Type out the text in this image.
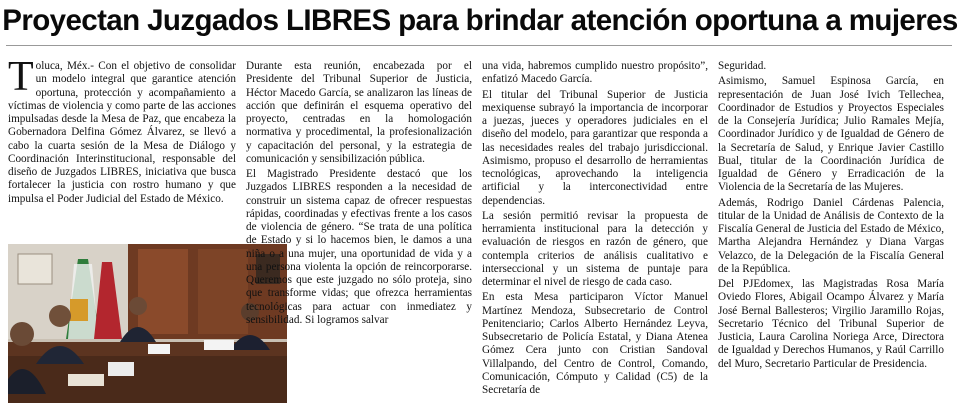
Proyectan Juzgados LIBRES para brindar atención oportuna a mujeres

Toluca, Méx.- Con el objetivo de consolidar un modelo integral que garantice atención oportuna, protección y acompañamiento a víctimas de violencia y como parte de las acciones impulsadas desde la Mesa de Paz, que encabeza la Gobernadora Delfina Gómez Álvarez, se llevó a cabo la cuarta sesión de la Mesa de Diálogo y Coordinación Interinstitucional, responsable del diseño de Juzgados LIBRES, iniciativa que busca fortalecer la justicia con rostro humano y que impulsa el Poder Judicial del Estado de México.

Durante esta reunión, encabezada por el Presidente del Tribunal Superior de Justicia, Héctor Macedo García, se analizaron las líneas de acción que definirán el esquema operativo del proyecto, centradas en la homologación normativa y procedimental, la profesionalización y capacitación del personal, y la estrategia de comunicación y sensibilización pública.

El Magistrado Presidente destacó que los Juzgados LIBRES responden a la necesidad de construir un sistema capaz de ofrecer respuestas rápidas, coordinadas y efectivas frente a los casos de violencia de género. “Se trata de una política de Estado y si lo hacemos bien, le damos a una niña o a una mujer, una oportunidad de vida y a una persona violenta la opción de reincorporarse. Queremos que este juzgado no sólo proteja, sino que transforme vidas; que ofrezca herramientas tecnológicas para actuar con inmediatez y sensibilidad. Si logramos salvar

una vida, habremos cumplido nuestro propósito”, enfatizó Macedo García.

El titular del Tribunal Superior de Justicia mexiquense subrayó la importancia de incorporar a juezas, jueces y operadores judiciales en el diseño del modelo, para garantizar que responda a las necesidades reales del trabajo jurisdiccional. Asimismo, propuso el desarrollo de herramientas tecnológicas, aprovechando la inteligencia artificial y la interconectividad entre dependencias.

La sesión permitió revisar la propuesta de herramienta institucional para la detección y evaluación de riesgos en razón de género, que contempla criterios de análisis cualitativo e interseccional y un sistema de puntaje para determinar el nivel de riesgo de cada caso.

En esta Mesa participaron Víctor Manuel Martínez Mendoza, Subsecretario de Control Penitenciario; Carlos Alberto Hernández Leyva, Subsecretario de Policía Estatal, y Diana Atenea Gómez Cera junto con Cristian Sandoval Villalpando, del Centro de Control, Comando, Comunicación, Cómputo y Calidad (C5) de la Secretaría de

Seguridad.

Asimismo, Samuel Espinosa García, en representación de Juan José Ivich Tellechea, Coordinador de Estudios y Proyectos Especiales de la Consejería Jurídica; Julio Ramales Mejía, Coordinador Jurídico y de Igualdad de Género de la Secretaría de Salud, y Enrique Javier Castillo Bual, titular de la Coordinación Jurídica de Igualdad de Género y Erradicación de la Violencia de la Secretaría de las Mujeres.

Además, Rodrigo Daniel Cárdenas Palencia, titular de la Unidad de Análisis de Contexto de la Fiscalía General de Justicia del Estado de México, Martha Alejandra Hernández y Diana Vargas Velazco, de la Delegación de la Fiscalía General de la República.

Del PJEdomex, las Magistradas Rosa María Oviedo Flores, Abigail Ocampo Álvarez y María José Bernal Ballesteros; Virgilio Jaramillo Rojas, Secretario Técnico del Tribunal Superior de Justicia, Laura Carolina Noriega Arce, Directora de Igualdad y Derechos Humanos, y Raúl Carrillo del Muro, Secretario Particular de Presidencia.
